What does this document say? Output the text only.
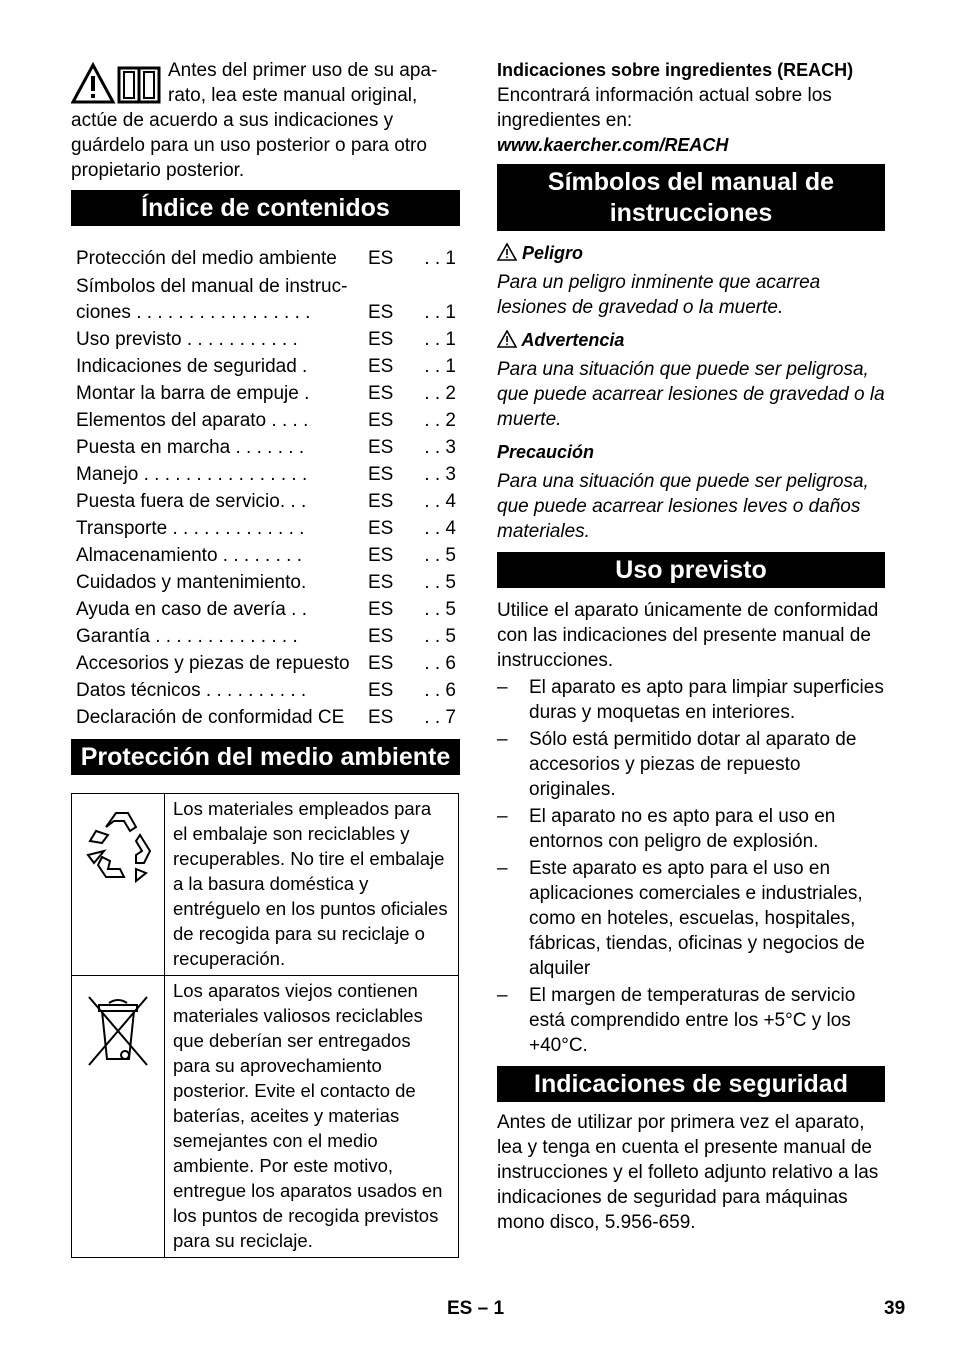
Antes del primer uso de su apa-

rato, lea este manual original,

actúe de acuerdo a sus indicaciones y guárdelo para un uso posterior o para otro propietario posterior.

Índice de contenidos
Protección del medio ambiente	ES	. . 1
Símbolos del manual de instruc-		
ciones . . . . . . . . . . . . . . . . .	ES	. . 1
Uso previsto . . . . . . . . . . .	ES	. . 1
Indicaciones de seguridad .	ES	. . 1
Montar la barra de empuje .	ES	. . 2
Elementos del aparato . . . .	ES	. . 2
Puesta en marcha . . . . . . .	ES	. . 3
Manejo . . . . . . . . . . . . . . . .	ES	. . 3
Puesta fuera de servicio. . .	ES	. . 4
Transporte . . . . . . . . . . . . .	ES	. . 4
Almacenamiento . . . . . . . .	ES	. . 5
Cuidados y mantenimiento.	ES	. . 5
Ayuda en caso de avería . .	ES	. . 5
Garantía . . . . . . . . . . . . . .	ES	. . 5
Accesorios y piezas de repuesto	ES	. . 6
Datos técnicos . . . . . . . . . .	ES	. . 6
Declaración de conformidad CE	ES	. . 7
Protección del medio ambiente
	Los materiales empleados para el embalaje son reciclables y recuperables. No tire el embalaje a la basura doméstica y entréguelo en los puntos oficiales de recogida para su reciclaje o recuperación.
	Los aparatos viejos contienen materiales valiosos reciclables que deberían ser entregados para su aprovechamiento posterior. Evite el contacto de baterías, aceites y materias semejantes con el medio ambiente. Por este motivo, entregue los aparatos usados en los puntos de recogida previstos para su reciclaje.
Indicaciones sobre ingredientes (REACH)

Encontrará información actual sobre los ingredientes en:

www.kaercher.com/REACH
Símbolos del manual de instrucciones
Peligro

Para un peligro inminente que acarrea lesiones de gravedad o la muerte.

Advertencia

Para una situación que puede ser peligrosa, que puede acarrear lesiones de gravedad o la muerte.

Precaución

Para una situación que puede ser peligrosa, que puede acarrear lesiones leves o daños materiales.

Uso previsto

Utilice el aparato únicamente de conformidad con las indicaciones del presente manual de instrucciones.

– El aparato es apto para limpiar superficies duras y moquetas en interiores.
– Sólo está permitido dotar al aparato de accesorios y piezas de repuesto originales.
– El aparato no es apto para el uso en entornos con peligro de explosión.
– Este aparato es apto para el uso en aplicaciones comerciales e industriales, como en hoteles, escuelas, hospitales, fábricas, tiendas, oficinas y negocios de alquiler
– El margen de temperaturas de servicio está comprendido entre los +5°C y los +40°C.
Indicaciones de seguridad

Antes de utilizar por primera vez el aparato, lea y tenga en cuenta el presente manual de instrucciones y el folleto adjunto relativo a las indicaciones de seguridad para máquinas mono disco, 5.956-659.

ES – 1	39
